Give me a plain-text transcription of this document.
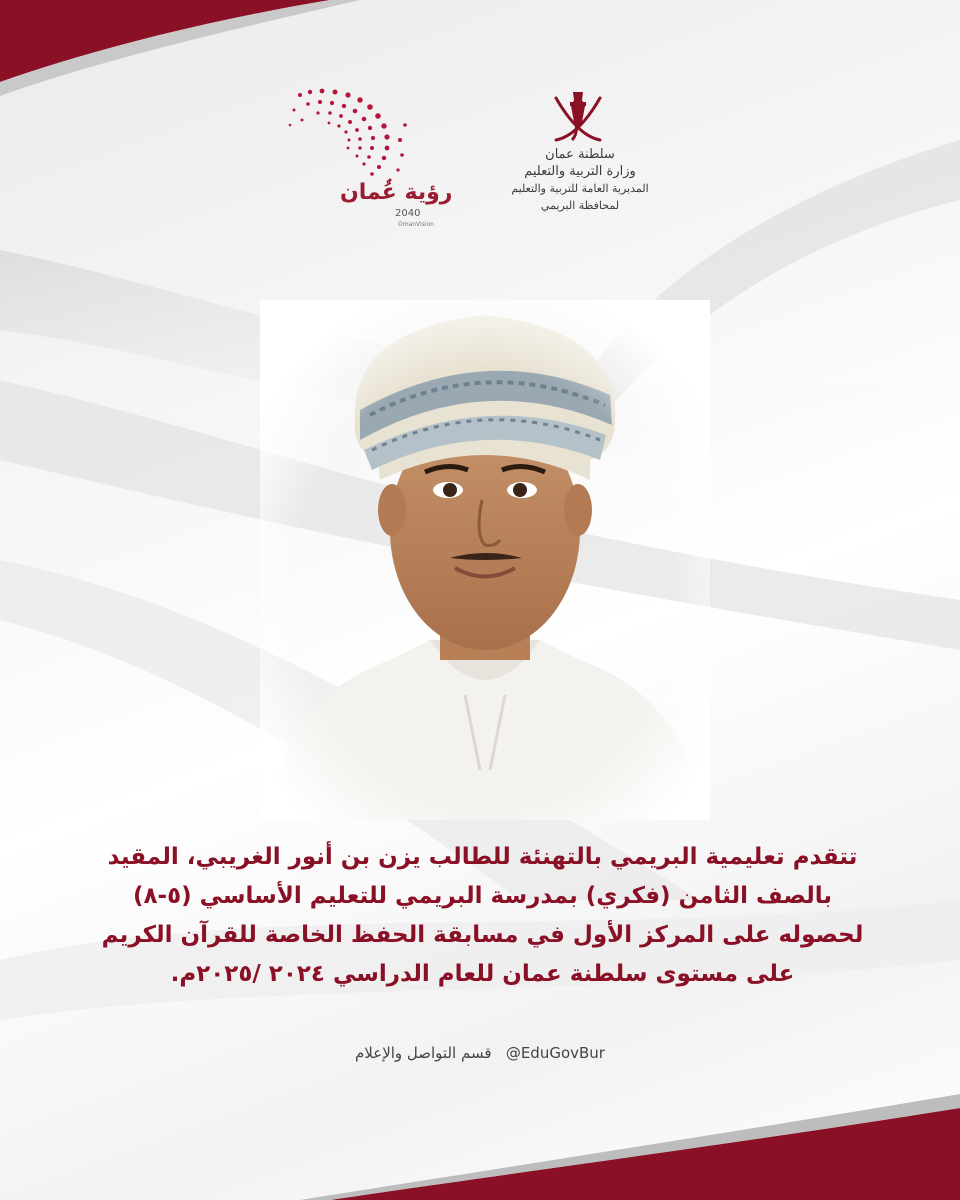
رؤية عُمان
2040
OmanVision
سلطنة عمان
وزارة التربية والتعليم
المديرية العامة للتربية والتعليم
لمحافظة البريمي
تتقدم تعليمية البريمي بالتهنئة للطالب يزن بن أنور الغريبي، المقيد
بالصف الثامن (فكري) بمدرسة البريمي للتعليم الأساسي (٥-٨)
لحصوله على المركز الأول في مسابقة الحفظ الخاصة للقرآن الكريم
على مستوى سلطنة عمان للعام الدراسي ٢٠٢٤ /٢٠٢٥م.
قسم التواصل والإعلام @EduGovBur
